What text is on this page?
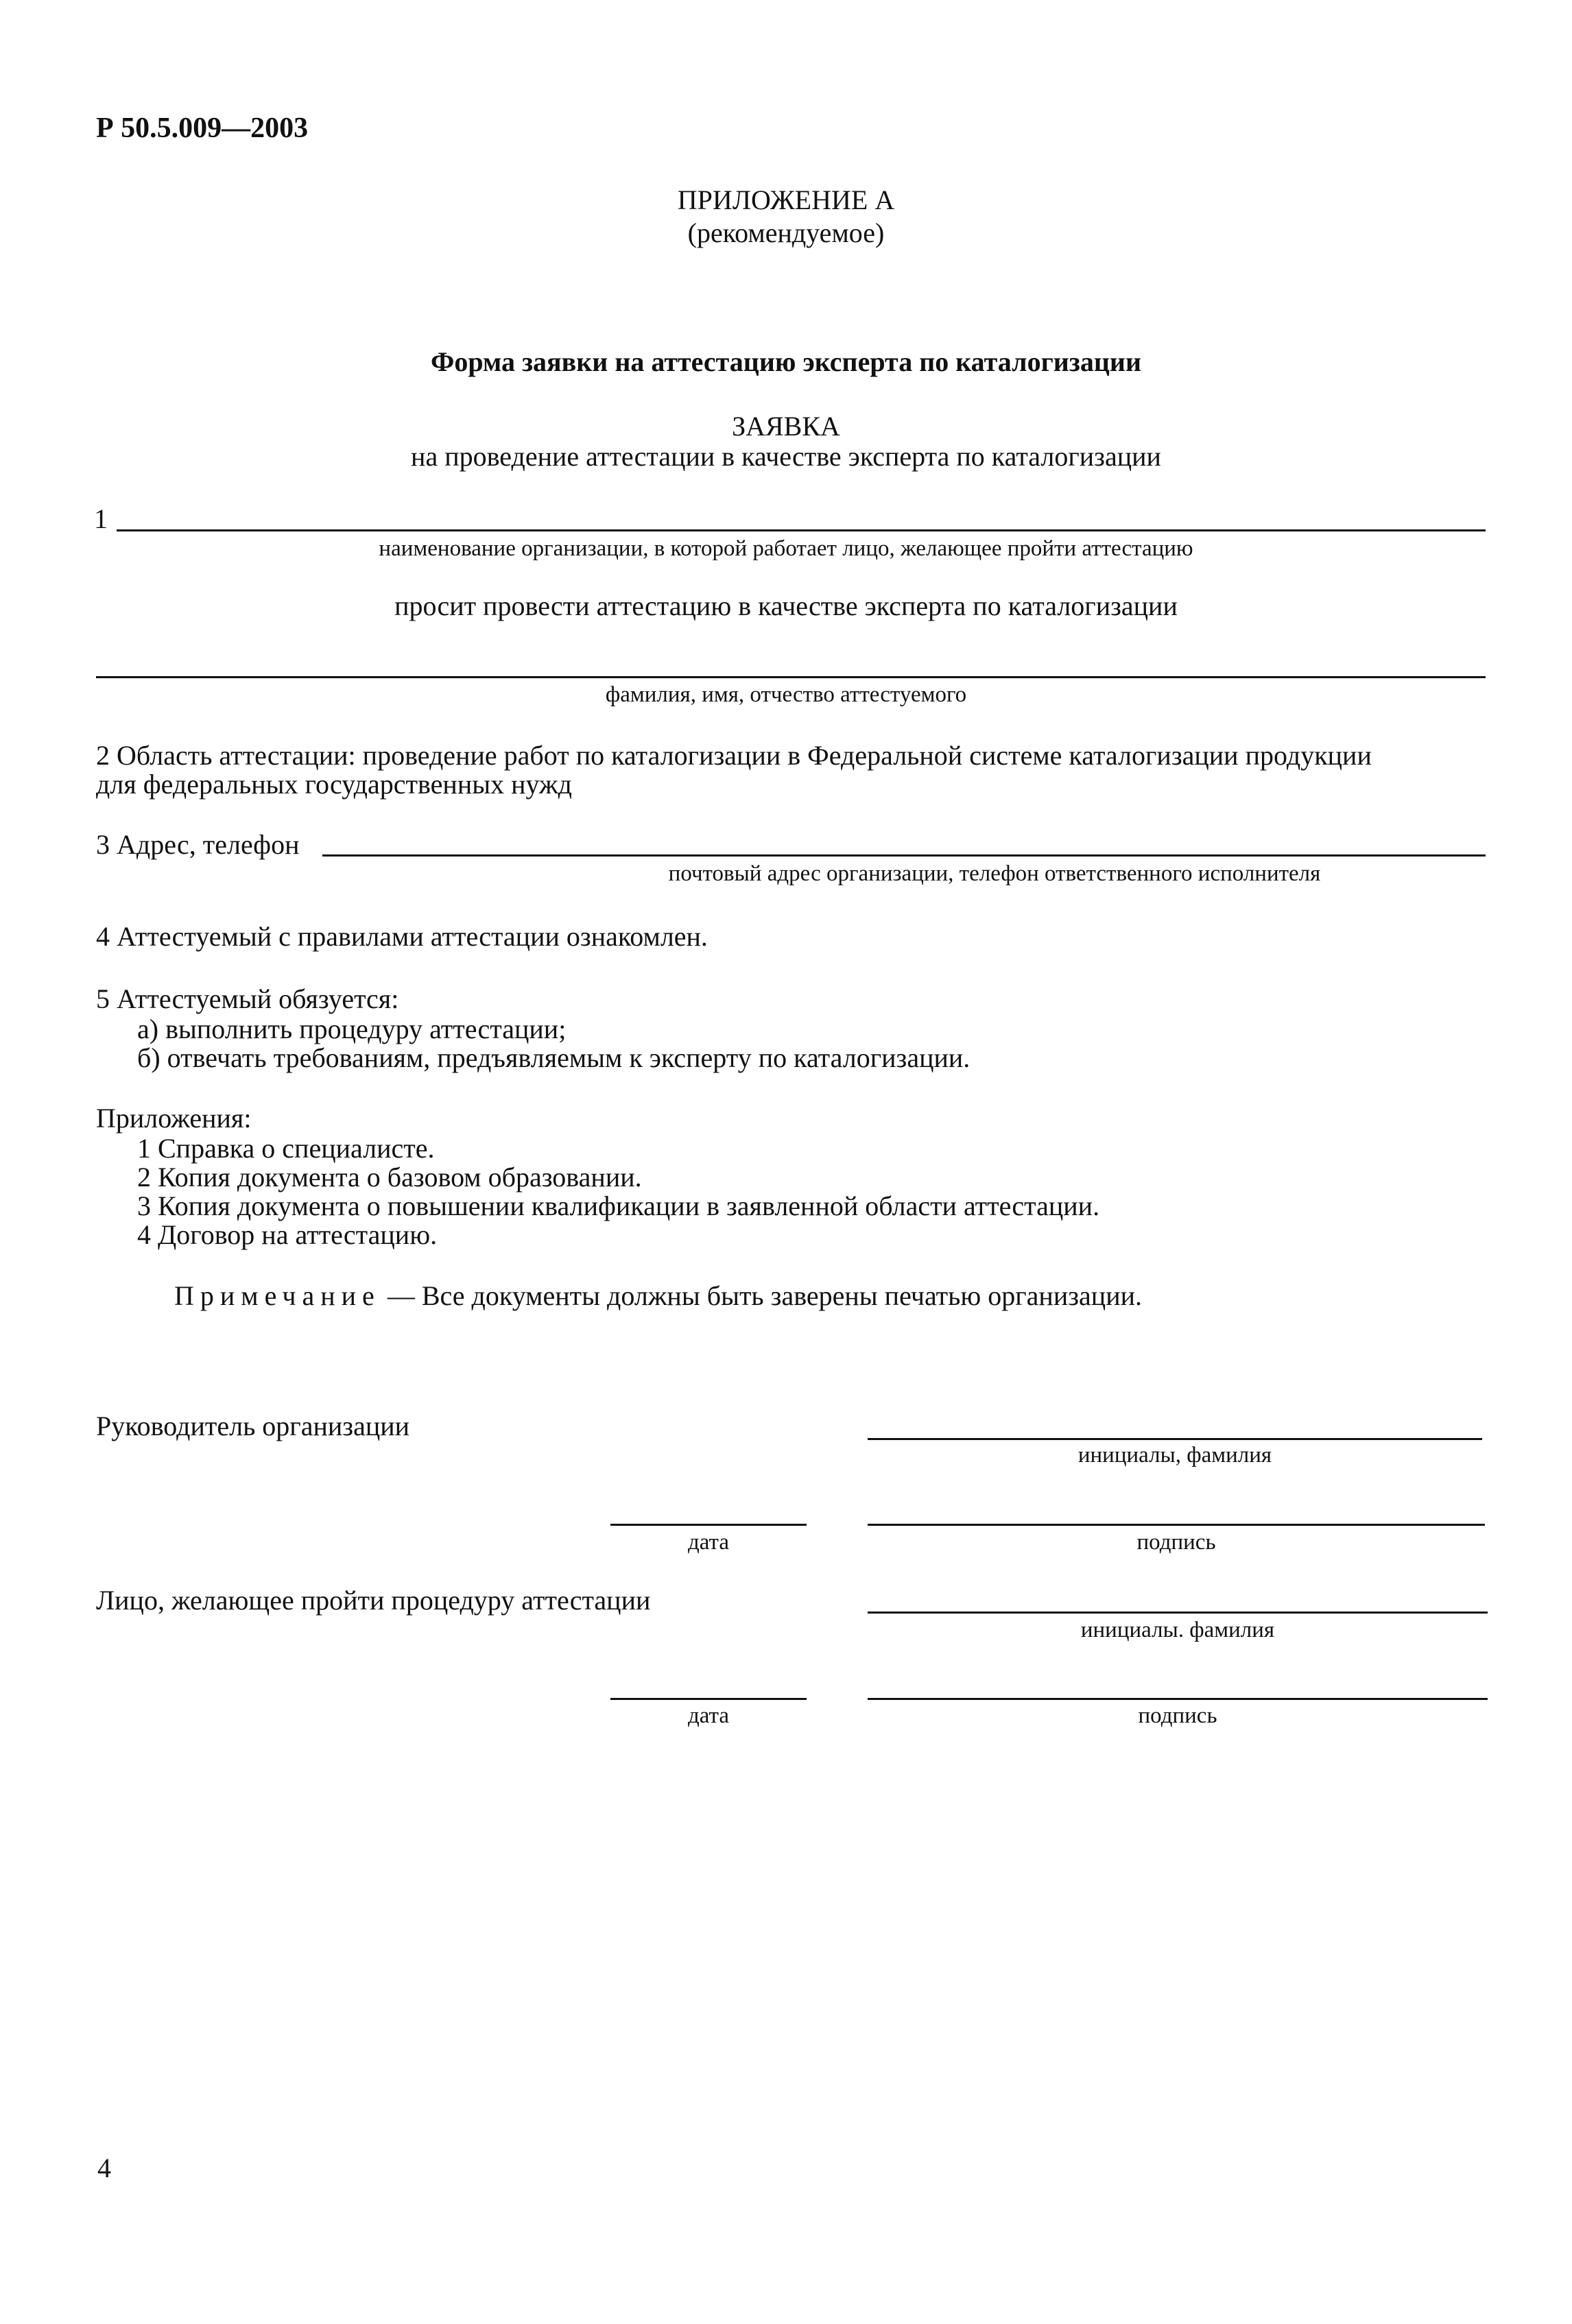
Р 50.5.009—2003
ПРИЛОЖЕНИЕ А
(рекомендуемое)
Форма заявки на аттестацию эксперта по каталогизации
ЗАЯВКА
на проведение аттестации в качестве эксперта по каталогизации
1
наименование организации, в которой работает лицо, желающее пройти аттестацию
просит провести аттестацию в качестве эксперта по каталогизации
фамилия, имя, отчество аттестуемого
2 Область аттестации: проведение работ по каталогизации в Федеральной системе каталогизации продукции
для федеральных государственных нужд
3 Адрес, телефон
почтовый адрес организации, телефон ответственного исполнителя
4 Аттестуемый с правилами аттестации ознакомлен.
5 Аттестуемый обязуется:
а) выполнить процедуру аттестации;
б) отвечать требованиям, предъявляемым к эксперту по каталогизации.
Приложения:
1 Справка о специалисте.
2 Копия документа о базовом образовании.
3 Копия документа о повышении квалификации в заявленной области аттестации.
4 Договор на аттестацию.
Примечание — Все документы должны быть заверены печатью организации.
Руководитель организации
инициалы, фамилия
дата	подпись
Лицо, желающее пройти процедуру аттестации
инициалы. фамилия
дата	подпись
4
